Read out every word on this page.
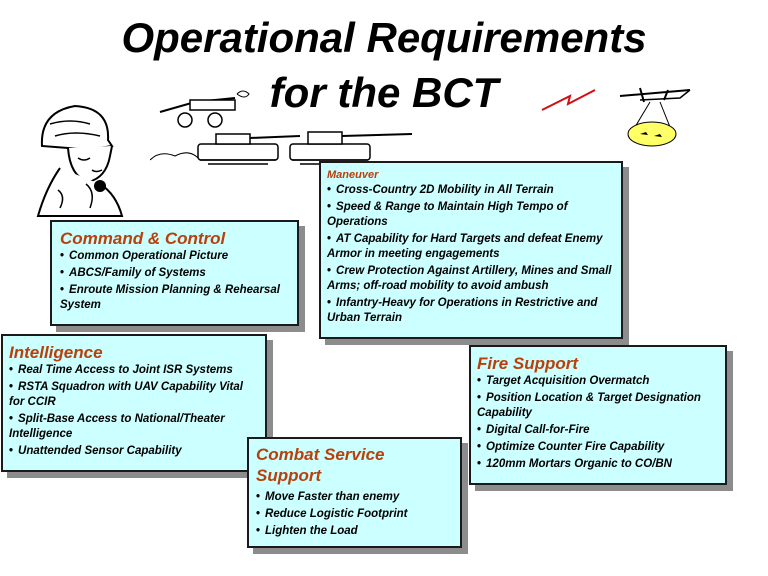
Operational Requirements
for the BCT
Command & Control
• Common Operational Picture
• ABCS/Family of Systems
• Enroute Mission Planning & Rehearsal System
Maneuver
• Cross-Country 2D Mobility in All Terrain
• Speed & Range to Maintain High Tempo of Operations
• AT Capability for Hard Targets and defeat Enemy Armor in meeting engagements
• Crew Protection Against Artillery, Mines and Small Arms; off-road mobility to avoid ambush
• Infantry-Heavy for Operations in Restrictive and Urban Terrain
Intelligence
• Real Time Access to Joint ISR Systems
• RSTA Squadron with UAV Capability Vital for CCIR
• Split-Base Access to National/Theater Intelligence
• Unattended Sensor Capability
Fire Support
• Target Acquisition Overmatch
• Position Location & Target Designation Capability
• Digital Call-for-Fire
• Optimize Counter Fire Capability
• 120mm Mortars Organic to CO/BN
Combat Service Support
• Move Faster than enemy
• Reduce Logistic Footprint
• Lighten the Load
